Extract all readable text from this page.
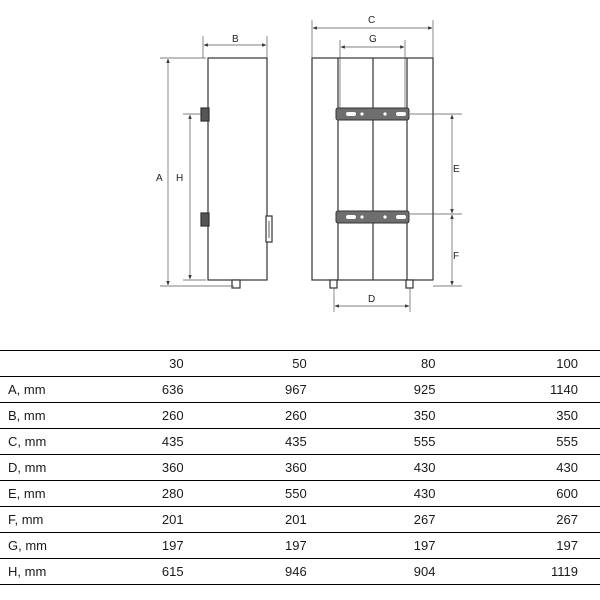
B
A H
C
G
E
F
D
	30	50	80	100
A, mm	636	967	925	1140
B, mm	260	260	350	350
C, mm	435	435	555	555
D, mm	360	360	430	430
E, mm	280	550	430	600
F, mm	201	201	267	267
G, mm	197	197	197	197
H, mm	615	946	904	1119
